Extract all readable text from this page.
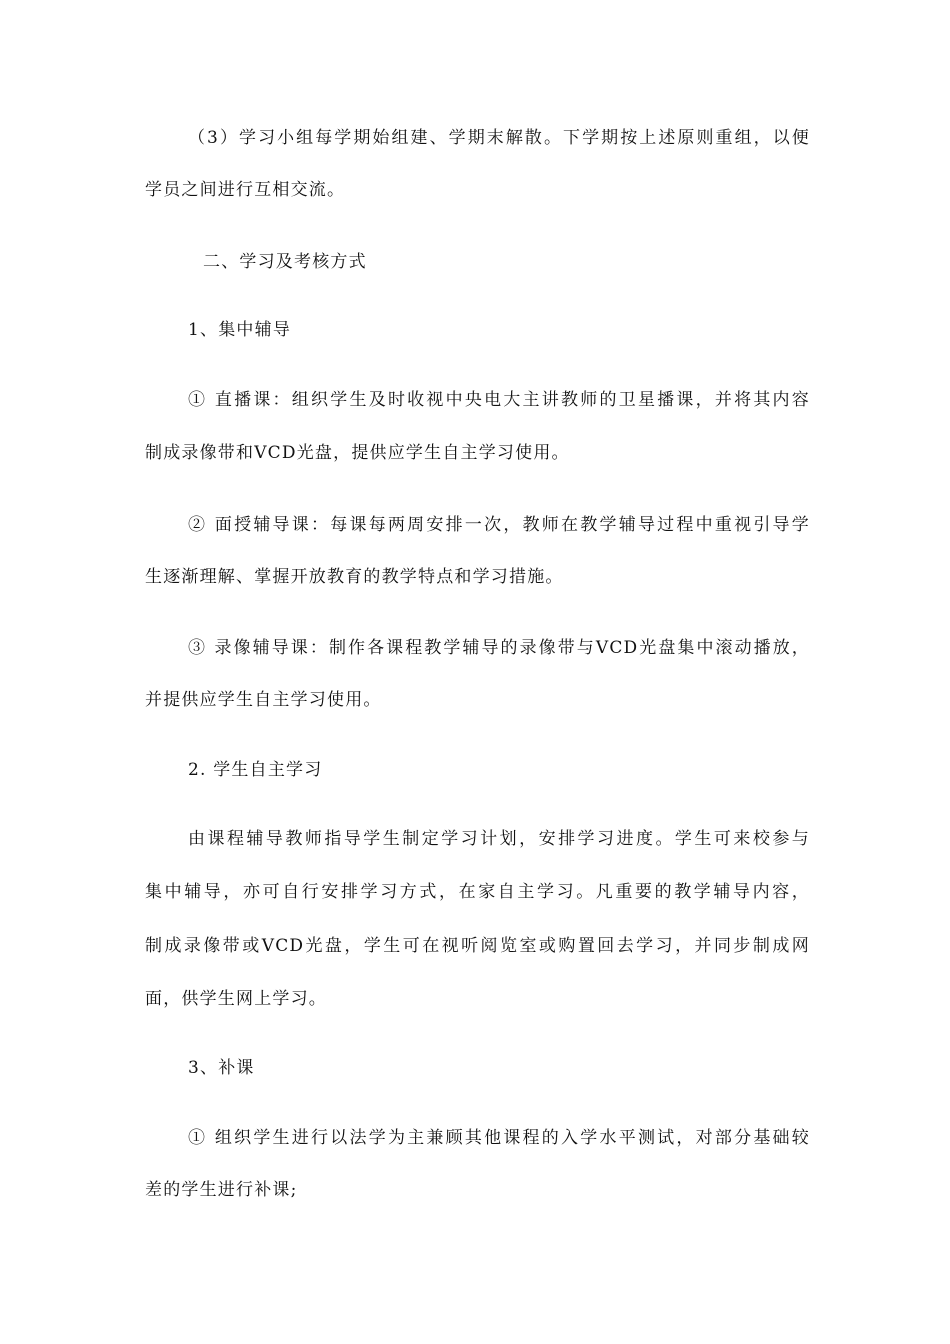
（3）学习小组每学期始组建、学期末解散。下学期按上述原则重组，以便
学员之间进行互相交流。
二、学习及考核方式
1、集中辅导
① 直播课：组织学生及时收视中央电大主讲教师的卫星播课，并将其内容
制成录像带和VCD光盘，提供应学生自主学习使用。
② 面授辅导课：每课每两周安排一次，教师在教学辅导过程中重视引导学
生逐渐理解、掌握开放教育的教学特点和学习措施。
③ 录像辅导课：制作各课程教学辅导的录像带与VCD光盘集中滚动播放，
并提供应学生自主学习使用。
2. 学生自主学习
由课程辅导教师指导学生制定学习计划，安排学习进度。学生可来校参与
集中辅导，亦可自行安排学习方式，在家自主学习。凡重要的教学辅导内容，
制成录像带或VCD光盘，学生可在视听阅览室或购置回去学习，并同步制成网
面，供学生网上学习。
3、补课
① 组织学生进行以法学为主兼顾其他课程的入学水平测试，对部分基础较
差的学生进行补课;
